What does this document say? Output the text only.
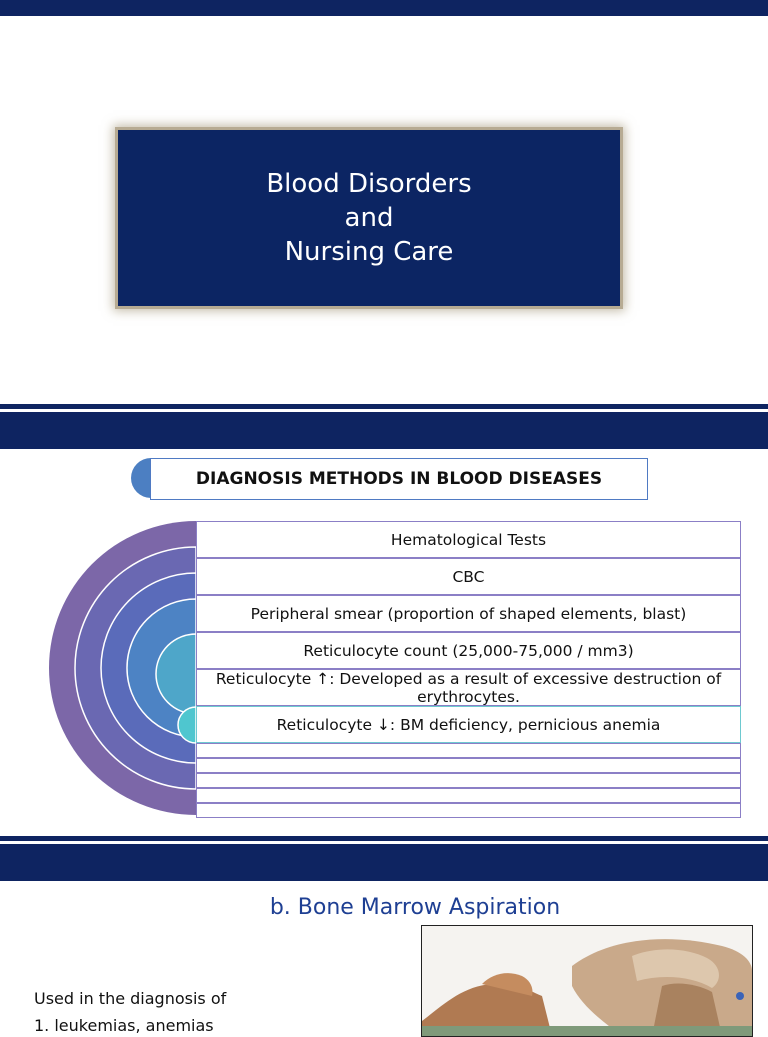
Blood Disorders
and
Nursing Care
DIAGNOSIS METHODS IN BLOOD DISEASES
Hematological Tests
CBC
Peripheral smear (proportion of shaped elements, blast)
Reticulocyte count (25,000-75,000 / mm3)
Reticulocyte ↑: Developed as a result of excessive destruction of erythrocytes.
Reticulocyte ↓: BM deficiency, pernicious anemia
b. Bone Marrow Aspiration
Used in the diagnosis of
1. leukemias, anemias
